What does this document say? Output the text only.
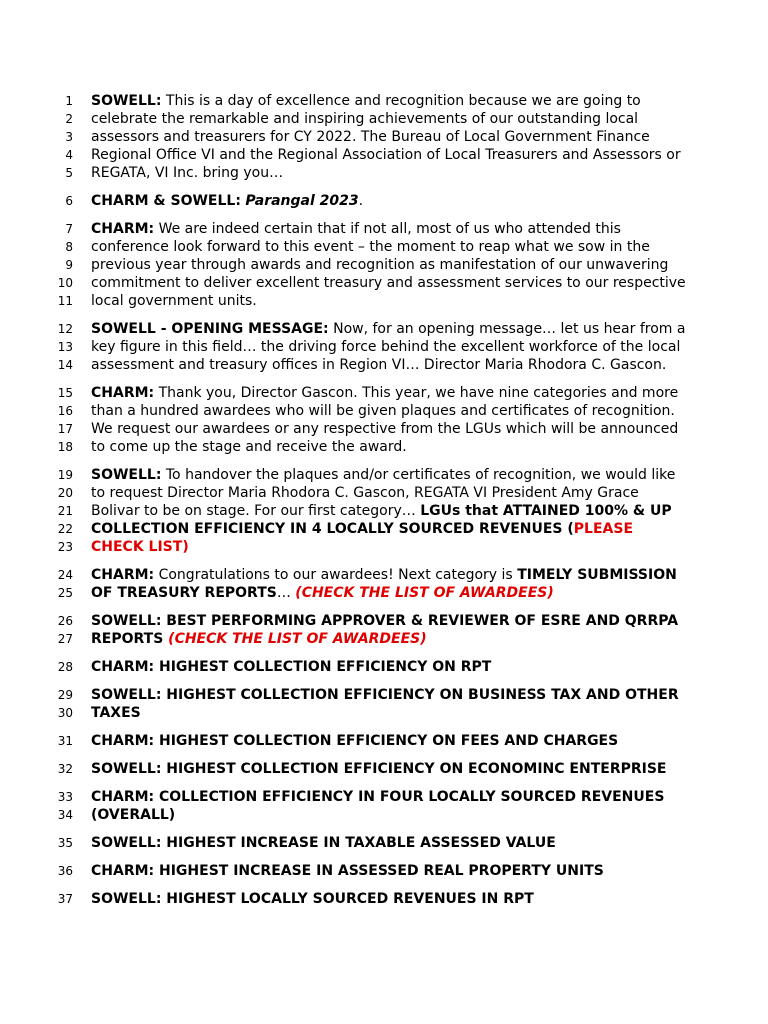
1 SOWELL: This is a day of excellence and recognition because we are going to
2 celebrate the remarkable and inspiring achievements of our outstanding local
3 assessors and treasurers for CY 2022. The Bureau of Local Government Finance
4 Regional Office VI and the Regional Association of Local Treasurers and Assessors or
5 REGATA, VI Inc. bring you…
6 CHARM & SOWELL: Parangal 2023.
7 CHARM: We are indeed certain that if not all, most of us who attended this
8 conference look forward to this event – the moment to reap what we sow in the
9 previous year through awards and recognition as manifestation of our unwavering
10 commitment to deliver excellent treasury and assessment services to our respective
11 local government units.
12 SOWELL - OPENING MESSAGE: Now, for an opening message… let us hear from a
13 key figure in this field… the driving force behind the excellent workforce of the local
14 assessment and treasury offices in Region VI… Director Maria Rhodora C. Gascon.
15 CHARM: Thank you, Director Gascon. This year, we have nine categories and more
16 than a hundred awardees who will be given plaques and certificates of recognition.
17 We request our awardees or any respective from the LGUs which will be announced
18 to come up the stage and receive the award.
19 SOWELL: To handover the plaques and/or certificates of recognition, we would like
20 to request Director Maria Rhodora C. Gascon, REGATA VI President Amy Grace
21 Bolivar to be on stage. For our first category… LGUs that ATTAINED 100% & UP
22 COLLECTION EFFICIENCY IN 4 LOCALLY SOURCED REVENUES (PLEASE
23 CHECK LIST)
24 CHARM: Congratulations to our awardees! Next category is TIMELY SUBMISSION
25 OF TREASURY REPORTS… (CHECK THE LIST OF AWARDEES)
26 SOWELL: BEST PERFORMING APPROVER & REVIEWER OF ESRE AND QRRPA
27 REPORTS (CHECK THE LIST OF AWARDEES)
28 CHARM: HIGHEST COLLECTION EFFICIENCY ON RPT
29 SOWELL: HIGHEST COLLECTION EFFICIENCY ON BUSINESS TAX AND OTHER
30 TAXES
31 CHARM: HIGHEST COLLECTION EFFICIENCY ON FEES AND CHARGES
32 SOWELL: HIGHEST COLLECTION EFFICIENCY ON ECONOMINC ENTERPRISE
33 CHARM: COLLECTION EFFICIENCY IN FOUR LOCALLY SOURCED REVENUES
34 (OVERALL)
35 SOWELL: HIGHEST INCREASE IN TAXABLE ASSESSED VALUE
36 CHARM: HIGHEST INCREASE IN ASSESSED REAL PROPERTY UNITS
37 SOWELL: HIGHEST LOCALLY SOURCED REVENUES IN RPT
